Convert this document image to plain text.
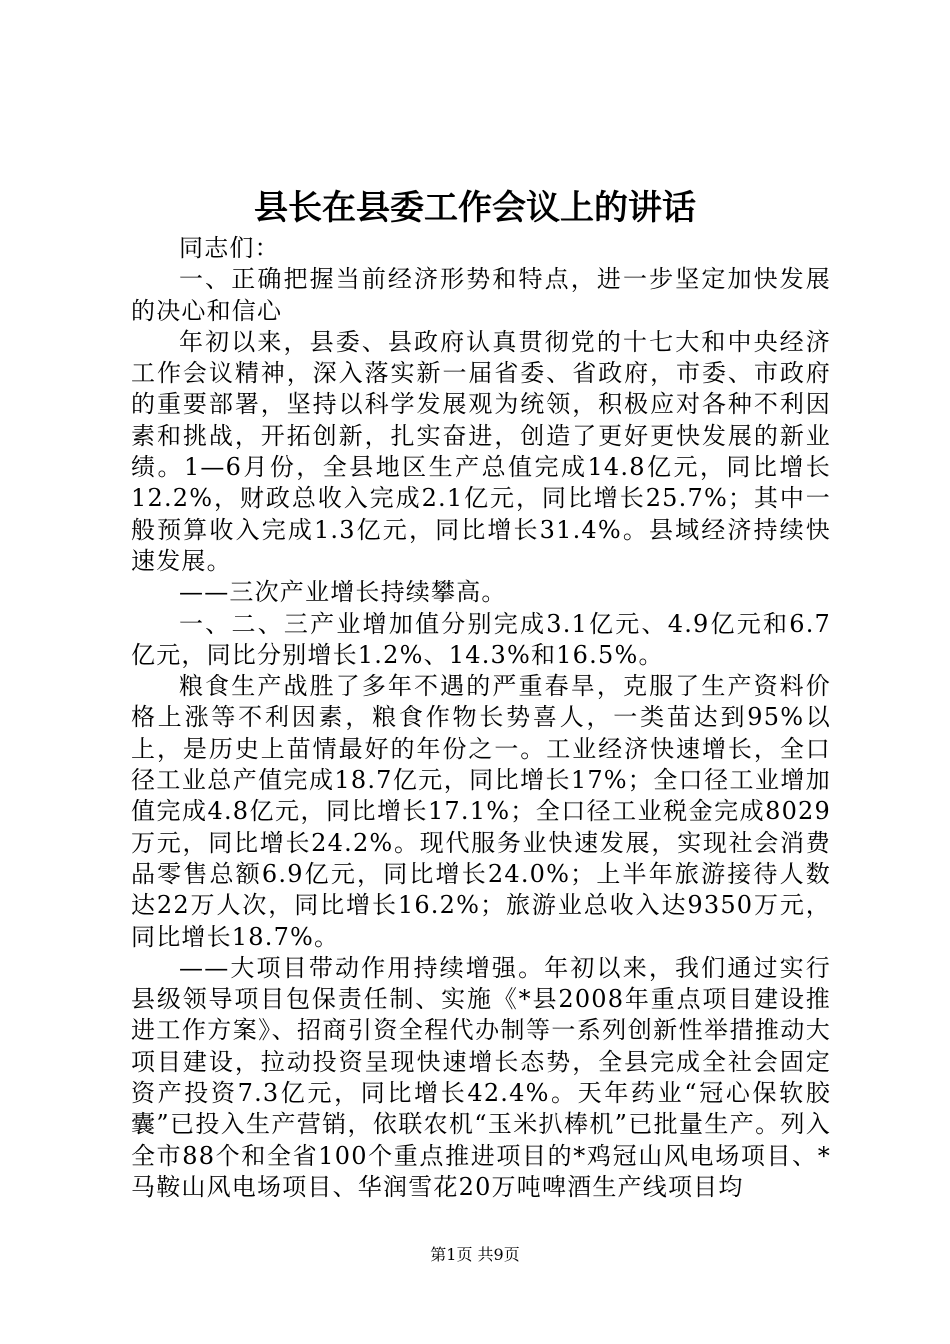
县长在县委工作会议上的讲话

同志们：

一、正确把握当前经济形势和特点，进一步坚定加快发展的决心和信心

年初以来，县委、县政府认真贯彻党的十七大和中央经济工作会议精神，深入落实新一届省委、省政府，市委、市政府的重要部署，坚持以科学发展观为统领，积极应对各种不利因素和挑战，开拓创新，扎实奋进，创造了更好更快发展的新业绩。1—6月份，全县地区生产总值完成14.8亿元，同比增长12.2%，财政总收入完成2.1亿元，同比增长25.7%；其中一般预算收入完成1.3亿元，同比增长31.4%。县域经济持续快速发展。

——三次产业增长持续攀高。

一、二、三产业增加值分别完成3.1亿元、4.9亿元和6.7亿元，同比分别增长1.2%、14.3%和16.5%。

粮食生产战胜了多年不遇的严重春旱，克服了生产资料价格上涨等不利因素，粮食作物长势喜人，一类苗达到95%以上，是历史上苗情最好的年份之一。工业经济快速增长，全口径工业总产值完成18.7亿元，同比增长17%；全口径工业增加值完成4.8亿元，同比增长17.1%；全口径工业税金完成8029万元，同比增长24.2%。现代服务业快速发展，实现社会消费品零售总额6.9亿元，同比增长24.0%；上半年旅游接待人数达22万人次，同比增长16.2%；旅游业总收入达9350万元，同比增长18.7%。

——大项目带动作用持续增强。年初以来，我们通过实行县级领导项目包保责任制、实施《*县2008年重点项目建设推进工作方案》、招商引资全程代办制等一系列创新性举措推动大项目建设，拉动投资呈现快速增长态势，全县完成全社会固定资产投资7.3亿元，同比增长42.4%。天年药业“冠心保软胶囊”已投入生产营销，依联农机“玉米扒棒机”已批量生产。列入全市88个和全省100个重点推进项目的*鸡冠山风电场项目、*马鞍山风电场项目、华润雪花20万吨啤酒生产线项目均

第1页 共9页
